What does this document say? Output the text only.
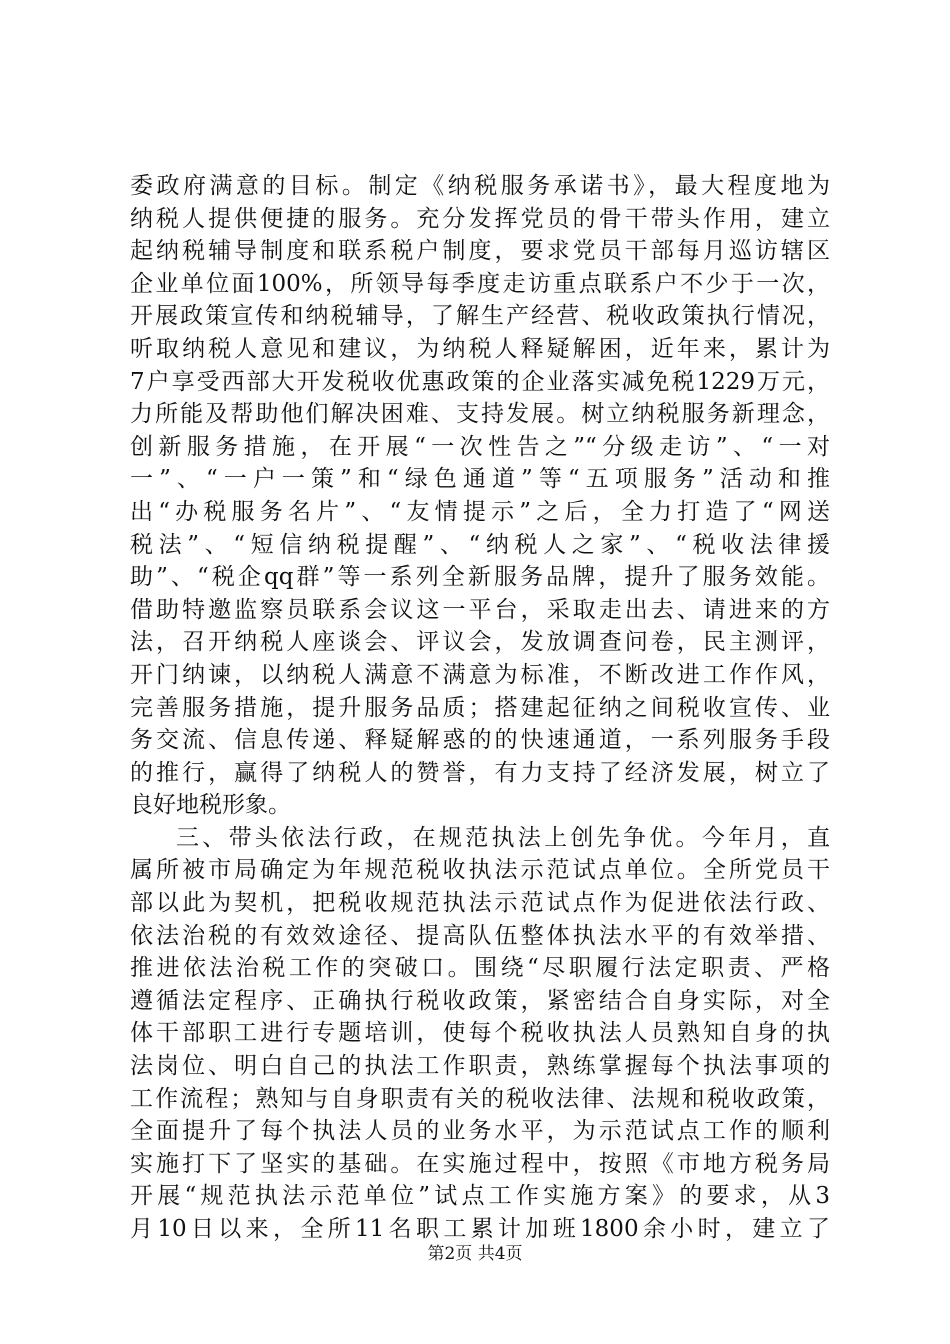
委政府满意的目标。制定《纳税服务承诺书》，最大程度地为
纳税人提供便捷的服务。充分发挥党员的骨干带头作用，建立
起纳税辅导制度和联系税户制度，要求党员干部每月巡访辖区
企业单位面100%，所领导每季度走访重点联系户不少于一次，
开展政策宣传和纳税辅导，了解生产经营、税收政策执行情况，
听取纳税人意见和建议，为纳税人释疑解困，近年来，累计为
7户享受西部大开发税收优惠政策的企业落实减免税1229万元，
力所能及帮助他们解决困难、支持发展。树立纳税服务新理念，
创新服务措施，在开展“一次性告之”“分级走访”、“一对
一”、“一户一策”和“绿色通道”等“五项服务”活动和推
出“办税服务名片”、“友情提示”之后，全力打造了“网送
税法”、“短信纳税提醒”、“纳税人之家”、“税收法律援
助”、“税企qq群”等一系列全新服务品牌，提升了服务效能。
借助特邀监察员联系会议这一平台，采取走出去、请进来的方
法，召开纳税人座谈会、评议会，发放调查问卷，民主测评，
开门纳谏，以纳税人满意不满意为标准，不断改进工作作风，
完善服务措施，提升服务品质；搭建起征纳之间税收宣传、业
务交流、信息传递、释疑解惑的的快速通道，一系列服务手段
的推行，赢得了纳税人的赞誉，有力支持了经济发展，树立了
良好地税形象。
三、带头依法行政，在规范执法上创先争优。今年月，直
属所被市局确定为年规范税收执法示范试点单位。全所党员干
部以此为契机，把税收规范执法示范试点作为促进依法行政、
依法治税的有效效途径、提高队伍整体执法水平的有效举措、
推进依法治税工作的突破口。围绕“尽职履行法定职责、严格
遵循法定程序、正确执行税收政策，紧密结合自身实际，对全
体干部职工进行专题培训，使每个税收执法人员熟知自身的执
法岗位、明白自己的执法工作职责，熟练掌握每个执法事项的
工作流程；熟知与自身职责有关的税收法律、法规和税收政策，
全面提升了每个执法人员的业务水平，为示范试点工作的顺利
实施打下了坚实的基础。在实施过程中，按照《市地方税务局
开展“规范执法示范单位”试点工作实施方案》的要求，从3
月10日以来，全所11名职工累计加班1800余小时，建立了
第2页 共4页
